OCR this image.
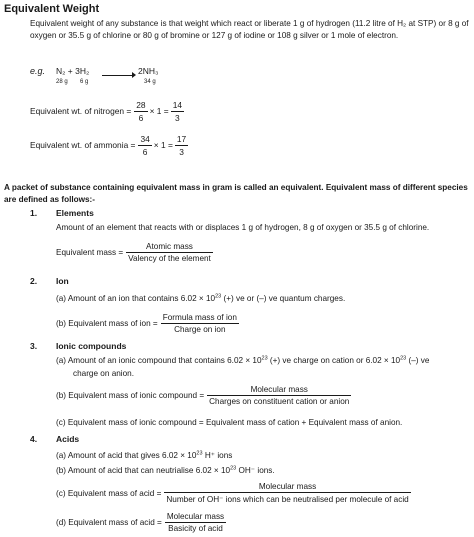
Equivalent Weight
Equivalent weight of any substance is that weight which react or liberate 1 g of hydrogen (11.2 litre of H₂ at STP) or 8 g of oxygen or 35.5 g of chlorine or 80 g of bromine or 127 g of iodine or 108 g silver or 1 mole of electron.
e.g. N₂ + 3H₂	2NH₃
28 g 6 g	34 g
Equivalent wt. of nitrogen = $\frac{28}{6} \times 1 = \frac{14}{3}$
Equivalent wt. of ammonia = $\frac{34}{6} \times 1 = \frac{17}{3}$
A packet of substance containing equivalent mass in gram is called an equivalent. Equivalent mass of different species are defined as follows:-
1. Elements
Amount of an element that reacts with or displaces 1 g of hydrogen, 8 g of oxygen or 35.5 g of chlorine.
Equivalent mass = $\frac{\text{Atomic mass}}{\text{Valency of the element}}$
2. Ion
(a) Amount of an ion that contains $6.02 \times 10^{23}$ (+) ve or (–) ve quantum charges.
(b) Equivalent mass of ion = $\frac{\text{Formula mass of ion}}{\text{Charge on ion}}$
3. Ionic compounds
(a) Amount of an ionic compound that contains $6.02 \times 10^{23}$ (+) ve charge on cation or $6.02 \times 10^{23}$ (–) ve
charge on anion.
(b) Equivalent mass of ionic compound = $\frac{\text{Molecular mass}}{\text{Charges on constituent cation or anion}}$
(c) Equivalent mass of ionic compound = Equivalent mass of cation + Equivalent mass of anion.
4. Acids
(a) Amount of acid that gives $6.02 \times 10^{23}$ H⁺ ions
(b) Amount of acid that can neutrialise $6.02 \times 10^{23}$ OH⁻ ions.
(c) Equivalent mass of acid =
Molecular mass
Number of OH⁻ ions which can be neutralised per molecule of acid
(d) Equivalent mass of acid = $\frac{\text{Molecular mass}}{\text{Basicity of acid}}$
